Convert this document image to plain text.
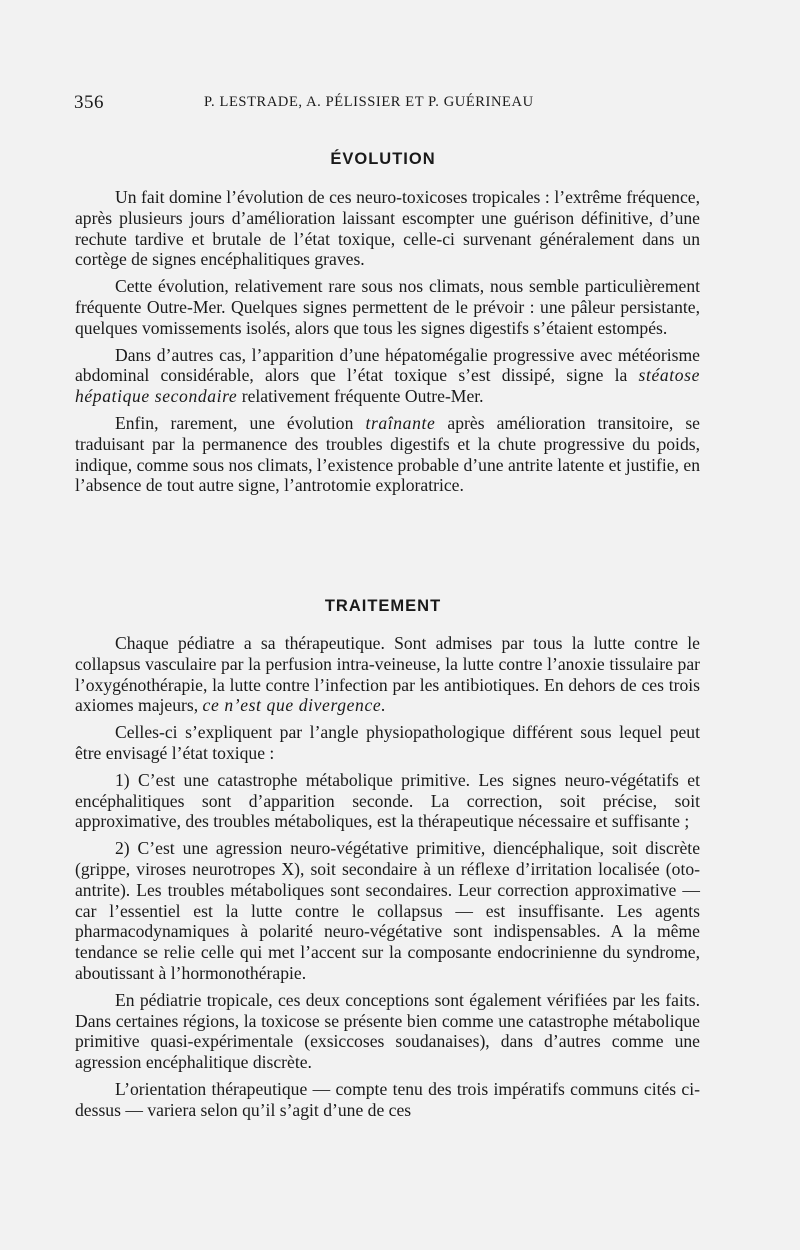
356	P. LESTRADE, A. PÉLISSIER ET P. GUÉRINEAU
ÉVOLUTION

Un fait domine l’évolution de ces neuro-toxicoses tropicales : l’extrême fréquence, après plusieurs jours d’amélioration laissant escompter une guérison définitive, d’une rechute tardive et brutale de l’état toxique, celle-ci survenant généralement dans un cortège de signes encéphalitiques graves.

Cette évolution, relativement rare sous nos climats, nous semble particulièrement fréquente Outre-Mer. Quelques signes permettent de le prévoir : une pâleur persistante, quelques vomissements isolés, alors que tous les signes digestifs s’étaient estompés.

Dans d’autres cas, l’apparition d’une hépatomégalie progressive avec météorisme abdominal considérable, alors que l’état toxique s’est dissipé, signe la stéatose hépatique secondaire relativement fréquente Outre-Mer.

Enfin, rarement, une évolution traînante après amélioration transitoire, se traduisant par la permanence des troubles digestifs et la chute progressive du poids, indique, comme sous nos climats, l’existence probable d’une antrite latente et justifie, en l’absence de tout autre signe, l’antrotomie exploratrice.

TRAITEMENT

Chaque pédiatre a sa thérapeutique. Sont admises par tous la lutte contre le collapsus vasculaire par la perfusion intra-veineuse, la lutte contre l’anoxie tissulaire par l’oxygénothérapie, la lutte contre l’infection par les antibiotiques. En dehors de ces trois axiomes majeurs, ce n’est que divergence.

Celles-ci s’expliquent par l’angle physiopathologique différent sous lequel peut être envisagé l’état toxique :

1) C’est une catastrophe métabolique primitive. Les signes neuro-végétatifs et encéphalitiques sont d’apparition seconde. La correction, soit précise, soit approximative, des troubles métaboliques, est la thérapeutique nécessaire et suffisante ;

2) C’est une agression neuro-végétative primitive, diencéphalique, soit discrète (grippe, viroses neurotropes X), soit secondaire à un réflexe d’irritation localisée (oto-antrite). Les troubles métaboliques sont secondaires. Leur correction approximative — car l’essentiel est la lutte contre le collapsus — est insuffisante. Les agents pharmacodynamiques à polarité neuro-végétative sont indispensables. A la même tendance se relie celle qui met l’accent sur la composante endocrinienne du syndrome, aboutissant à l’hormonothérapie.

En pédiatrie tropicale, ces deux conceptions sont également vérifiées par les faits. Dans certaines régions, la toxicose se présente bien comme une catastrophe métabolique primitive quasi-expérimentale (exsiccoses soudanaises), dans d’autres comme une agression encéphalitique discrète.

L’orientation thérapeutique — compte tenu des trois impératifs communs cités ci-dessus — variera selon qu’il s’agit d’une de ces
